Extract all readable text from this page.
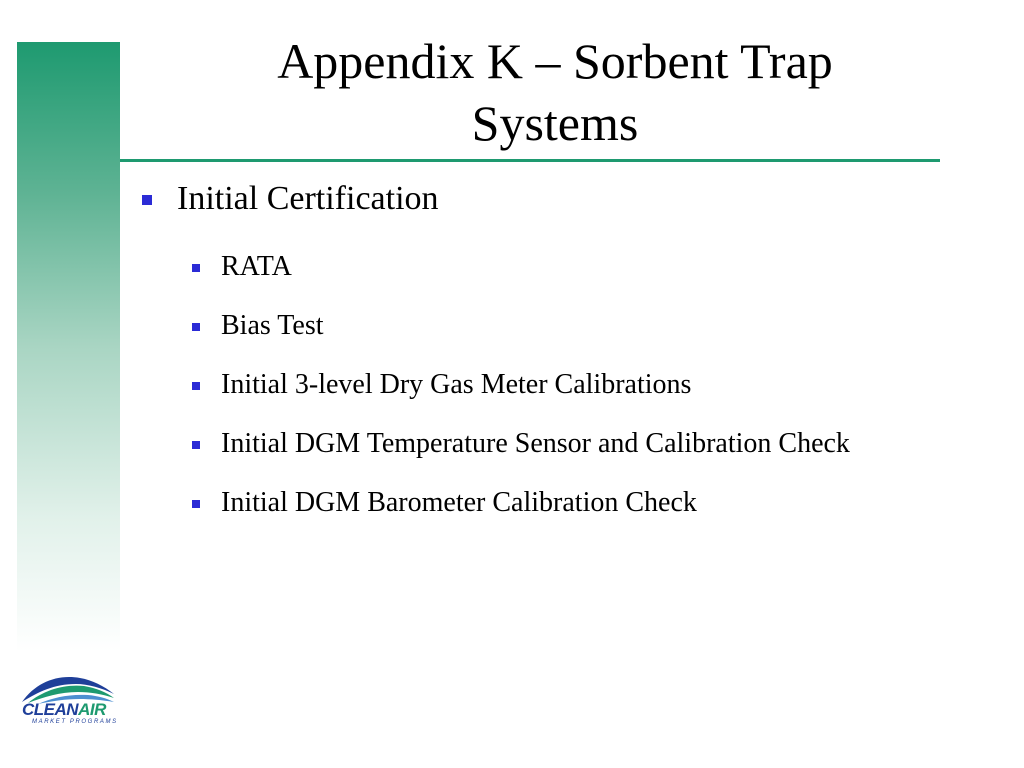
Appendix K – Sorbent Trap
Systems
Initial Certification
RATA
Bias Test
Initial 3-level Dry Gas Meter Calibrations
Initial DGM Temperature Sensor and Calibration Check
Initial DGM Barometer Calibration Check
CLEANAIR
MARKET PROGRAMS
